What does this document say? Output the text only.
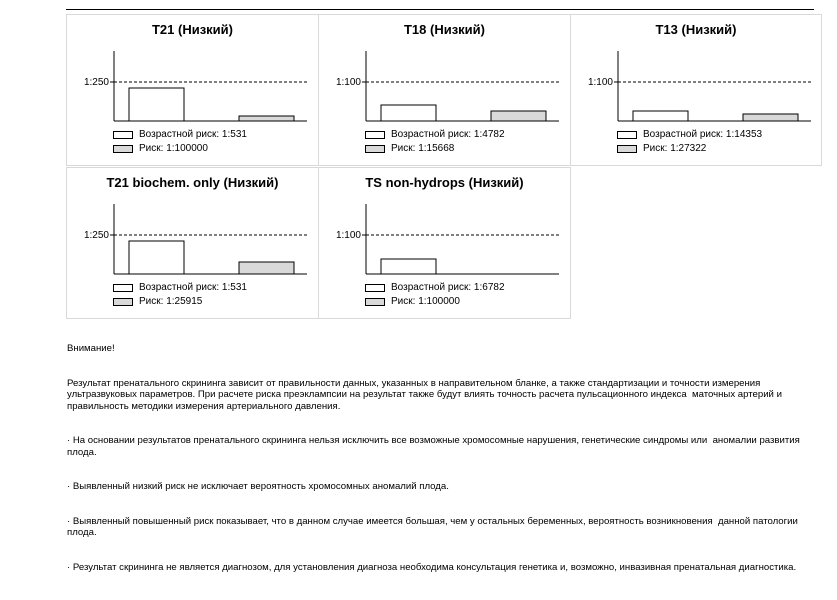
T21 (Низкий)
1:250
Возрастной риск: 1:531
Риск: 1:100000
T18 (Низкий)
1:100
Возрастной риск: 1:4782
Риск: 1:15668
T13 (Низкий)
1:100
Возрастной риск: 1:14353
Риск: 1:27322
T21 biochem. only (Низкий)
1:250
Возрастной риск: 1:531
Риск: 1:25915
TS non-hydrops (Низкий)
1:100
Возрастной риск: 1:6782
Риск: 1:100000

Внимание!

Результат пренатального скрининга зависит от правильности данных, указанных в направительном бланке, а также стандартизации и точности измерения ультразвуковых параметров. При расчете риска преэклампсии на результат также будут влиять точность расчета пульсационного индекса  маточных артерий и правильность методики измерения артериального давления.

· На основании результатов пренатального скрининга нельзя исключить все возможные хромосомные нарушения, генетические синдромы или  аномалии развития плода.

· Выявленный низкий риск не исключает вероятность хромосомных аномалий плода.

· Выявленный повышенный риск показывает, что в данном случае имеется большая, чем у остальных беременных, вероятность возникновения  данной патологии плода.

· Результат скрининга не является диагнозом, для установления диагноза необходима консультация генетика и, возможно, инвазивная пренатальная диагностика.
